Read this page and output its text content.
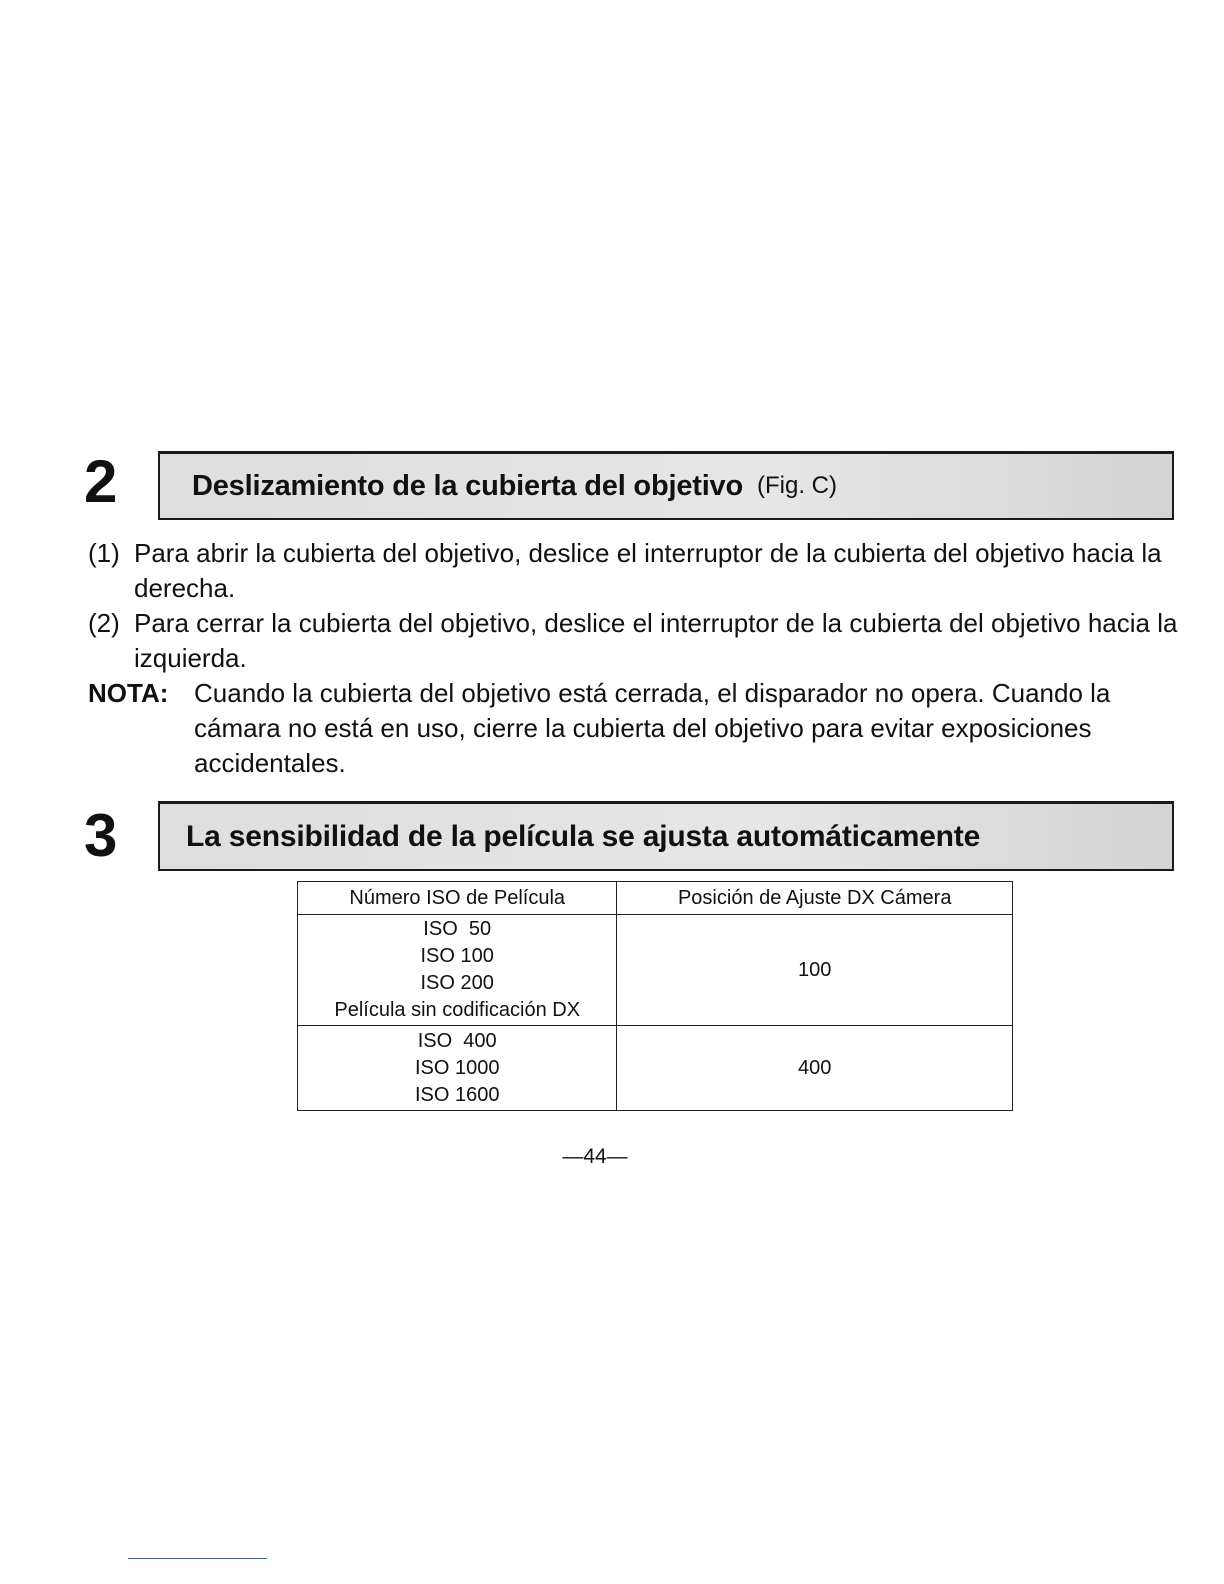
2	Deslizamiento de la cubierta del objetivo (Fig. C)
(1) Para abrir la cubierta del objetivo, deslice el interruptor de la cubierta del objetivo hacia la derecha.
(2) Para cerrar la cubierta del objetivo, deslice el interruptor de la cubierta del objetivo hacia la izquierda.
NOTA: Cuando la cubierta del objetivo está cerrada, el disparador no opera. Cuando la cámara no está en uso, cierre la cubierta del objetivo para evitar exposiciones accidentales.
3 La sensibilidad de la película se ajusta automáticamente
Número ISO de Película	Posición de Ajuste DX Cámera

ISO  50
ISO 100
ISO 200
Película sin codificación DX	100

ISO  400
ISO 1000
ISO 1600	400
—44—
